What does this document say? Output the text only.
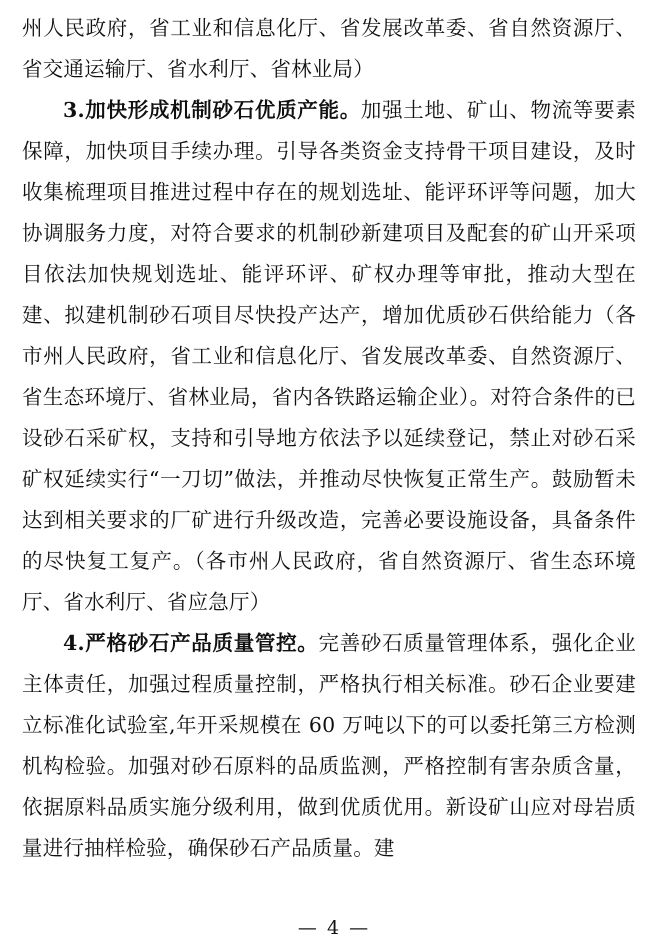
州人民政府，省工业和信息化厅、省发展改革委、省自然资源厅、省交通运输厅、省水利厅、省林业局）

3.加快形成机制砂石优质产能。加强土地、矿山、物流等要素保障，加快项目手续办理。引导各类资金支持骨干项目建设，及时收集梳理项目推进过程中存在的规划选址、能评环评等问题，加大协调服务力度，对符合要求的机制砂新建项目及配套的矿山开采项目依法加快规划选址、能评环评、矿权办理等审批，推动大型在建、拟建机制砂石项目尽快投产达产，增加优质砂石供给能力（各市州人民政府，省工业和信息化厅、省发展改革委、自然资源厅、省生态环境厅、省林业局，省内各铁路运输企业）。对符合条件的已设砂石采矿权，支持和引导地方依法予以延续登记，禁止对砂石采矿权延续实行“一刀切”做法，并推动尽快恢复正常生产。鼓励暂未达到相关要求的厂矿进行升级改造，完善必要设施设备，具备条件的尽快复工复产。（各市州人民政府，省自然资源厅、省生态环境厅、省水利厅、省应急厅）

4.严格砂石产品质量管控。完善砂石质量管理体系，强化企业主体责任，加强过程质量控制，严格执行相关标准。砂石企业要建立标准化试验室,年开采规模在 60 万吨以下的可以委托第三方检测机构检验。加强对砂石原料的品质监测，严格控制有害杂质含量，依据原料品质实施分级利用，做到优质优用。新设矿山应对母岩质量进行抽样检验，确保砂石产品质量。建

— 4 —
